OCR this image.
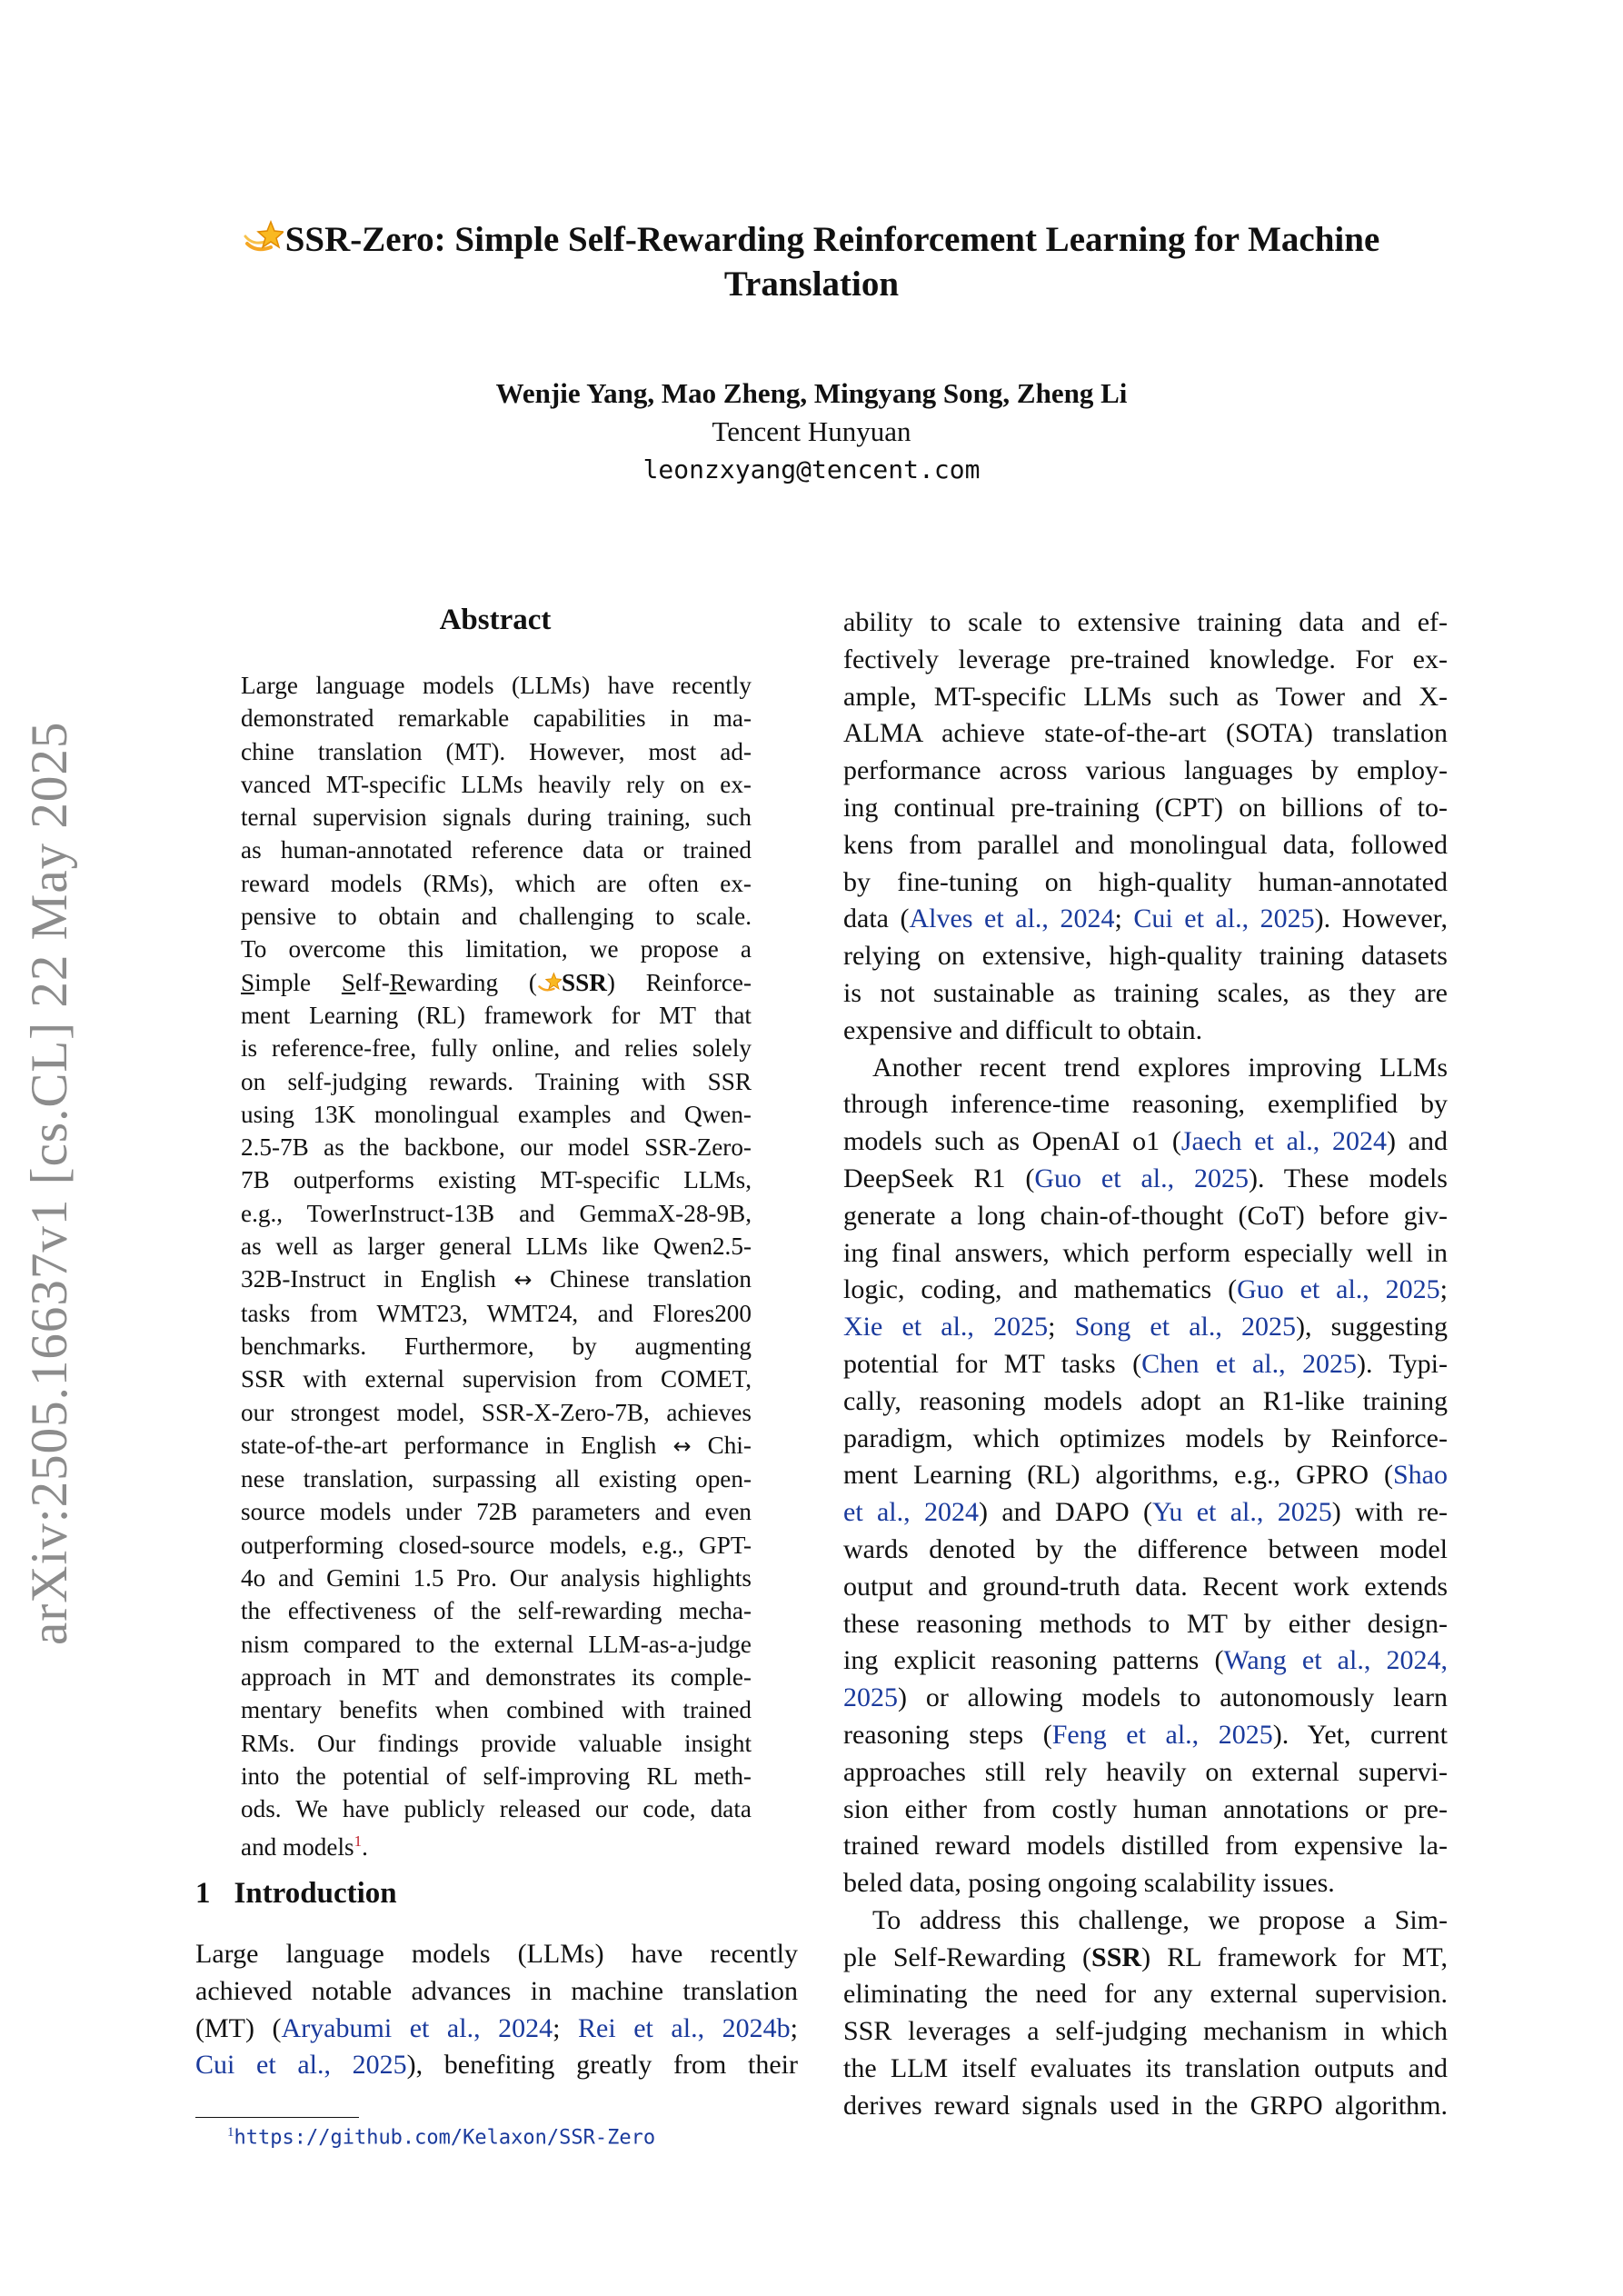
arXiv:2505.16637v1 [cs.CL] 22 May 2025
SSR-Zero: Simple Self-Rewarding Reinforcement Learning for Machine
Translation
Wenjie Yang, Mao Zheng, Mingyang Song, Zheng Li
Tencent Hunyuan
leonzxyang@tencent.com
Abstract
Large language models (LLMs) have recently
demonstrated remarkable capabilities in ma-
chine translation (MT). However, most ad-
vanced MT-specific LLMs heavily rely on ex-
ternal supervision signals during training, such
as human-annotated reference data or trained
reward models (RMs), which are often ex-
pensive to obtain and challenging to scale.
To overcome this limitation, we propose a
Simple Self-Rewarding ( SSR) Reinforce-
ment Learning (RL) framework for MT that
is reference-free, fully online, and relies solely
on self-judging rewards. Training with SSR
using 13K monolingual examples and Qwen-
2.5-7B as the backbone, our model SSR-Zero-
7B outperforms existing MT-specific LLMs,
e.g., TowerInstruct-13B and GemmaX-28-9B,
as well as larger general LLMs like Qwen2.5-
32B-Instruct in English ↔ Chinese translation
tasks from WMT23, WMT24, and Flores200
benchmarks. Furthermore, by augmenting
SSR with external supervision from COMET,
our strongest model, SSR-X-Zero-7B, achieves
state-of-the-art performance in English ↔ Chi-
nese translation, surpassing all existing open-
source models under 72B parameters and even
outperforming closed-source models, e.g., GPT-
4o and Gemini 1.5 Pro. Our analysis highlights
the effectiveness of the self-rewarding mecha-
nism compared to the external LLM-as-a-judge
approach in MT and demonstrates its comple-
mentary benefits when combined with trained
RMs. Our findings provide valuable insight
into the potential of self-improving RL meth-
ods. We have publicly released our code, data
and models$^1$.
1 Introduction
Large language models (LLMs) have recently
achieved notable advances in machine translation
(MT) (Aryabumi et al., 2024; Rei et al., 2024b;
Cui et al., 2025), benefiting greatly from their
$^1$https://github.com/Kelaxon/SSR-Zero
ability to scale to extensive training data and ef-
fectively leverage pre-trained knowledge. For ex-
ample, MT-specific LLMs such as Tower and X-
ALMA achieve state-of-the-art (SOTA) translation
performance across various languages by employ-
ing continual pre-training (CPT) on billions of to-
kens from parallel and monolingual data, followed
by fine-tuning on high-quality human-annotated
data (Alves et al., 2024; Cui et al., 2025). However,
relying on extensive, high-quality training datasets
is not sustainable as training scales, as they are
expensive and difficult to obtain.
Another recent trend explores improving LLMs
through inference-time reasoning, exemplified by
models such as OpenAI o1 (Jaech et al., 2024) and
DeepSeek R1 (Guo et al., 2025). These models
generate a long chain-of-thought (CoT) before giv-
ing final answers, which perform especially well in
logic, coding, and mathematics (Guo et al., 2025;
Xie et al., 2025; Song et al., 2025), suggesting
potential for MT tasks (Chen et al., 2025). Typi-
cally, reasoning models adopt an R1-like training
paradigm, which optimizes models by Reinforce-
ment Learning (RL) algorithms, e.g., GPRO (Shao
et al., 2024) and DAPO (Yu et al., 2025) with re-
wards denoted by the difference between model
output and ground-truth data. Recent work extends
these reasoning methods to MT by either design-
ing explicit reasoning patterns (Wang et al., 2024,
2025) or allowing models to autonomously learn
reasoning steps (Feng et al., 2025). Yet, current
approaches still rely heavily on external supervi-
sion either from costly human annotations or pre-
trained reward models distilled from expensive la-
beled data, posing ongoing scalability issues.
To address this challenge, we propose a Sim-
ple Self-Rewarding (SSR) RL framework for MT,
eliminating the need for any external supervision.
SSR leverages a self-judging mechanism in which
the LLM itself evaluates its translation outputs and
derives reward signals used in the GRPO algorithm.
